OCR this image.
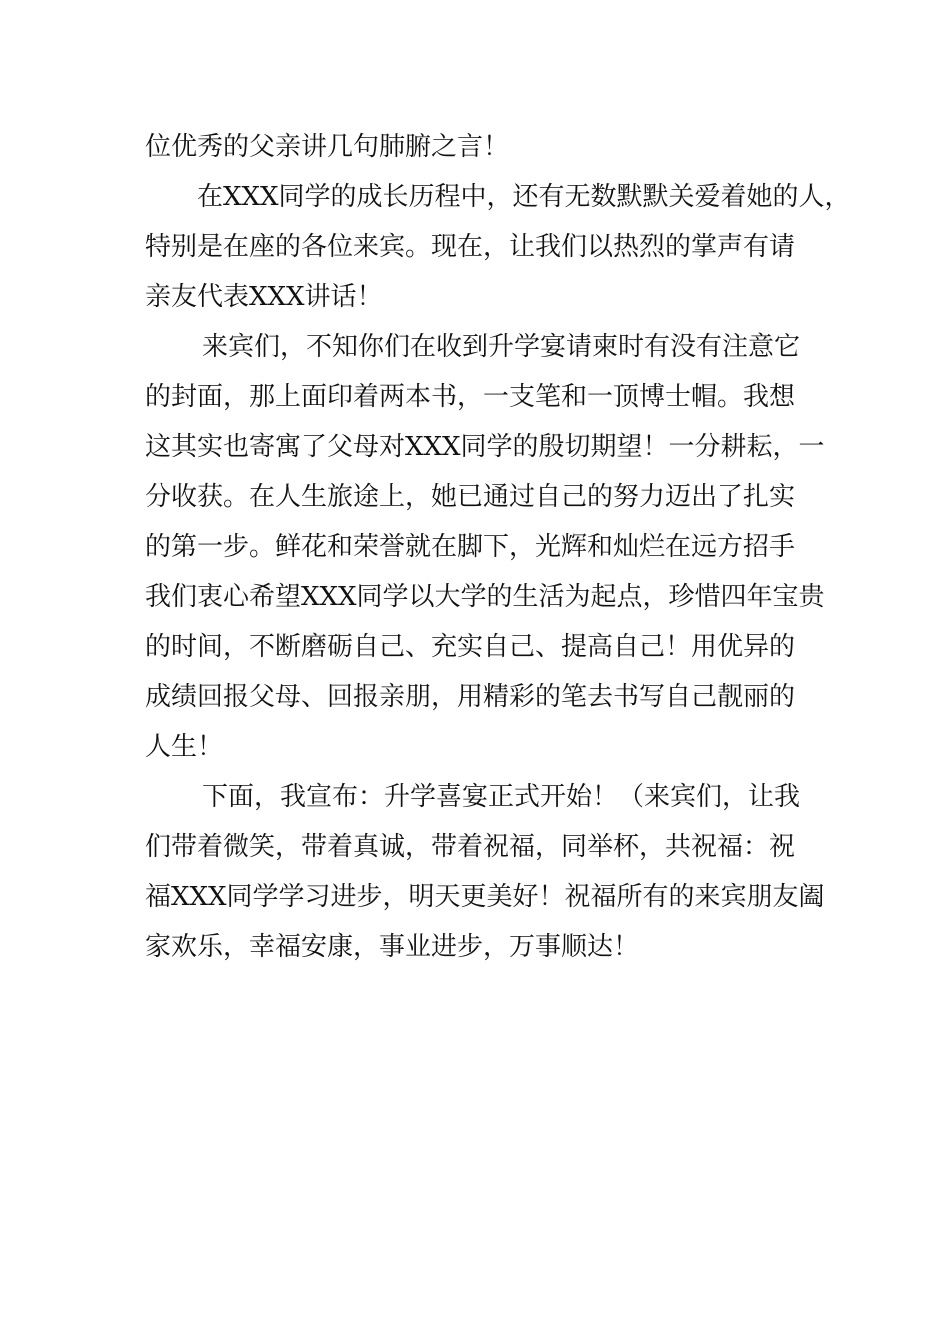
位优秀的父亲讲几句肺腑之言！
在XXX同学的成长历程中，还有无数默默关爱着她的人，
特别是在座的各位来宾。现在，让我们以热烈的掌声有请
亲友代表XXX讲话！
来宾们，不知你们在收到升学宴请柬时有没有注意它
的封面，那上面印着两本书，一支笔和一顶博士帽。我想
这其实也寄寓了父母对XXX同学的殷切期望！一分耕耘，一
分收获。在人生旅途上，她已通过自己的努力迈出了扎实
的第一步。鲜花和荣誉就在脚下，光辉和灿烂在远方招手
我们衷心希望XXX同学以大学的生活为起点，珍惜四年宝贵
的时间，不断磨砺自己、充实自己、提高自己！用优异的
成绩回报父母、回报亲朋，用精彩的笔去书写自己靓丽的
人生！
下面，我宣布：升学喜宴正式开始！（来宾们，让我
们带着微笑，带着真诚，带着祝福，同举杯，共祝福：祝
福XXX同学学习进步，明天更美好！祝福所有的来宾朋友阖
家欢乐，幸福安康，事业进步，万事顺达！
